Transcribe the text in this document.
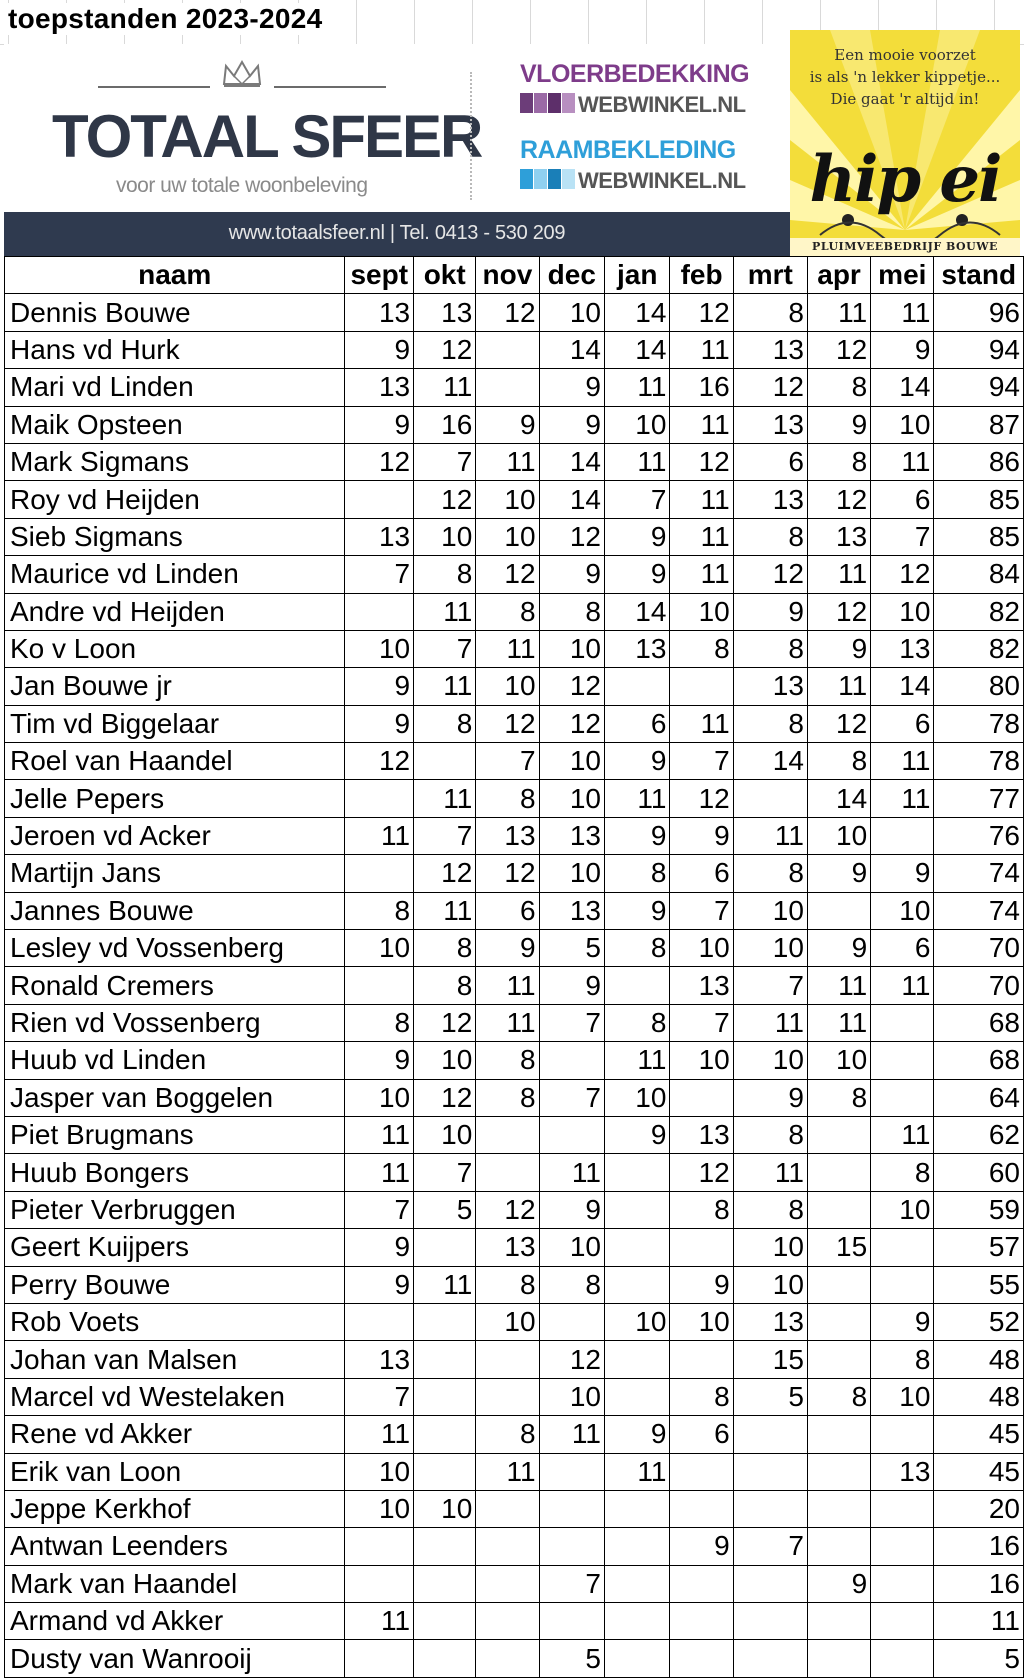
toepstanden 2023-2024
TOTAAL SFEER
voor uw totale woonbeleving
VLOERBEDEKKING
WEBWINKEL.NL
RAAMBEKLEDING
WEBWINKEL.NL
www.totaalsfeer.nl | Tel. 0413 - 530 209
Een mooie voorzet
is als 'n lekker kippetje...
Die gaat 'r altijd in!
hip ei
PLUIMVEEBEDRIJF BOUWE
naam	sept	okt	nov	dec	jan	feb	mrt	apr	mei	stand
Dennis Bouwe	13	13	12	10	14	12	8	11	11	96
Hans vd Hurk	9	12		14	14	11	13	12	9	94
Mari vd Linden	13	11		9	11	16	12	8	14	94
Maik Opsteen	9	16	9	9	10	11	13	9	10	87
Mark Sigmans	12	7	11	14	11	12	6	8	11	86
Roy vd Heijden		12	10	14	7	11	13	12	6	85
Sieb Sigmans	13	10	10	12	9	11	8	13	7	85
Maurice vd Linden	7	8	12	9	9	11	12	11	12	84
Andre vd Heijden		11	8	8	14	10	9	12	10	82
Ko v Loon	10	7	11	10	13	8	8	9	13	82
Jan Bouwe jr	9	11	10	12			13	11	14	80
Tim vd Biggelaar	9	8	12	12	6	11	8	12	6	78
Roel van Haandel	12		7	10	9	7	14	8	11	78
Jelle Pepers		11	8	10	11	12		14	11	77
Jeroen vd Acker	11	7	13	13	9	9	11	10		76
Martijn Jans		12	12	10	8	6	8	9	9	74
Jannes Bouwe	8	11	6	13	9	7	10		10	74
Lesley vd Vossenberg	10	8	9	5	8	10	10	9	6	70
Ronald Cremers		8	11	9		13	7	11	11	70
Rien vd Vossenberg	8	12	11	7	8	7	11	11		68
Huub vd Linden	9	10	8		11	10	10	10		68
Jasper van Boggelen	10	12	8	7	10		9	8		64
Piet Brugmans	11	10			9	13	8		11	62
Huub Bongers	11	7		11		12	11		8	60
Pieter Verbruggen	7	5	12	9		8	8		10	59
Geert Kuijpers	9		13	10			10	15		57
Perry Bouwe	9	11	8	8		9	10			55
Rob Voets			10		10	10	13		9	52
Johan van Malsen	13			12			15		8	48
Marcel vd Westelaken	7			10		8	5	8	10	48
Rene vd Akker	11		8	11	9	6				45
Erik van Loon	10		11		11				13	45
Jeppe Kerkhof	10	10								20
Antwan Leenders						9	7			16
Mark van Haandel				7				9		16
Armand vd Akker	11									11
Dusty van Wanrooij				5						5
